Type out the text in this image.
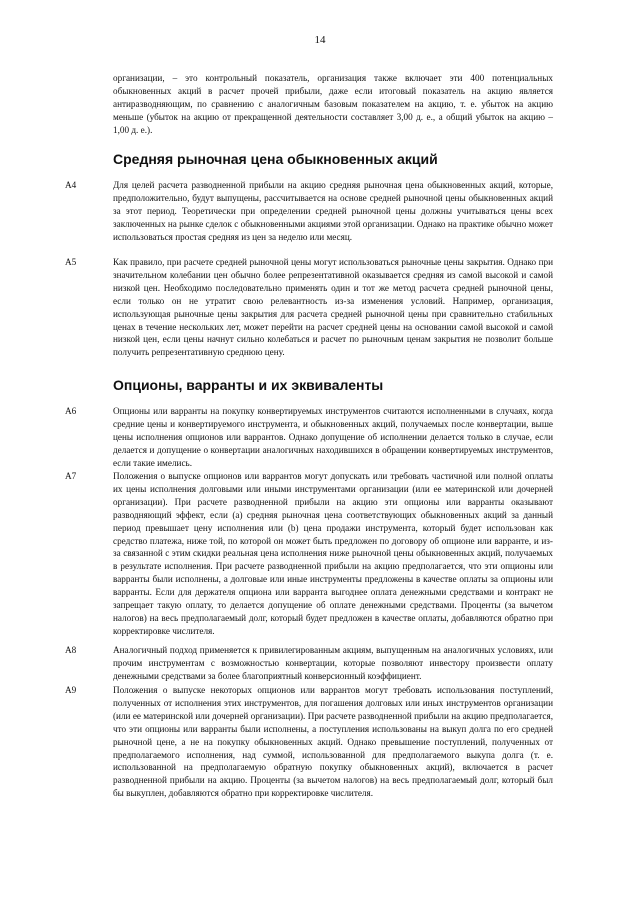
14
организации, – это контрольный показатель, организация также включает эти 400 потенциальных обыкновенных акций в расчет прочей прибыли, даже если итоговый показатель на акцию является антиразводняющим, по сравнению с аналогичным базовым показателем на акцию, т. е. убыток на акцию меньше (убыток на акцию от прекращенной деятельности составляет 3,00 д. е., а общий убыток на акцию – 1,00 д. е.).
Средняя рыночная цена обыкновенных акций
A4	Для целей расчета разводненной прибыли на акцию средняя рыночная цена обыкновенных акций, которые, предположительно, будут выпущены, рассчитывается на основе средней рыночной цены обыкновенных акций за этот период. Теоретически при определении средней рыночной цены должны учитываться цены всех заключенных на рынке сделок с обыкновенными акциями этой организации. Однако на практике обычно может использоваться простая средняя из цен за неделю или месяц.
A5	Как правило, при расчете средней рыночной цены могут использоваться рыночные цены закрытия. Однако при значительном колебании цен обычно более репрезентативной оказывается средняя из самой высокой и самой низкой цен. Необходимо последовательно применять один и тот же метод расчета средней рыночной цены, если только он не утратит свою релевантность из-за изменения условий. Например, организация, использующая рыночные цены закрытия для расчета средней рыночной цены при сравнительно стабильных ценах в течение нескольких лет, может перейти на расчет средней цены на основании самой высокой и самой низкой цен, если цены начнут сильно колебаться и расчет по рыночным ценам закрытия не позволит больше получить репрезентативную среднюю цену.
Опционы, варранты и их эквиваленты
A6	Опционы или варранты на покупку конвертируемых инструментов считаются исполненными в случаях, когда средние цены и конвертируемого инструмента, и обыкновенных акций, получаемых после конвертации, выше цены исполнения опционов или варрантов. Однако допущение об исполнении делается только в случае, если делается и допущение о конвертации аналогичных находившихся в обращении конвертируемых инструментов, если такие имелись.
A7	Положения о выпуске опционов или варрантов могут допускать или требовать частичной или полной оплаты их цены исполнения долговыми или иными инструментами организации (или ее материнской или дочерней организации). При расчете разводненной прибыли на акцию эти опционы или варранты оказывают разводняющий эффект, если (a) средняя рыночная цена соответствующих обыкновенных акций за данный период превышает цену исполнения или (b) цена продажи инструмента, который будет использован как средство платежа, ниже той, по которой он может быть предложен по договору об опционе или варранте, и из-за связанной с этим скидки реальная цена исполнения ниже рыночной цены обыкновенных акций, получаемых в результате исполнения. При расчете разводненной прибыли на акцию предполагается, что эти опционы или варранты были исполнены, а долговые или иные инструменты предложены в качестве оплаты за опционы или варранты. Если для держателя опциона или варранта выгоднее оплата денежными средствами и контракт не запрещает такую оплату, то делается допущение об оплате денежными средствами. Проценты (за вычетом налогов) на весь предполагаемый долг, который будет предложен в качестве оплаты, добавляются обратно при корректировке числителя.
A8	Аналогичный подход применяется к привилегированным акциям, выпущенным на аналогичных условиях, или прочим инструментам с возможностью конвертации, которые позволяют инвестору произвести оплату денежными средствами за более благоприятный конверсионный коэффициент.
A9	Положения о выпуске некоторых опционов или варрантов могут требовать использования поступлений, полученных от исполнения этих инструментов, для погашения долговых или иных инструментов организации (или ее материнской или дочерней организации). При расчете разводненной прибыли на акцию предполагается, что эти опционы или варранты были исполнены, а поступления использованы на выкуп долга по его средней рыночной цене, а не на покупку обыкновенных акций. Однако превышение поступлений, полученных от предполагаемого исполнения, над суммой, использованной для предполагаемого выкупа долга (т. е. использованной на предполагаемую обратную покупку обыкновенных акций), включается в расчет разводненной прибыли на акцию. Проценты (за вычетом налогов) на весь предполагаемый долг, который был бы выкуплен, добавляются обратно при корректировке числителя.
